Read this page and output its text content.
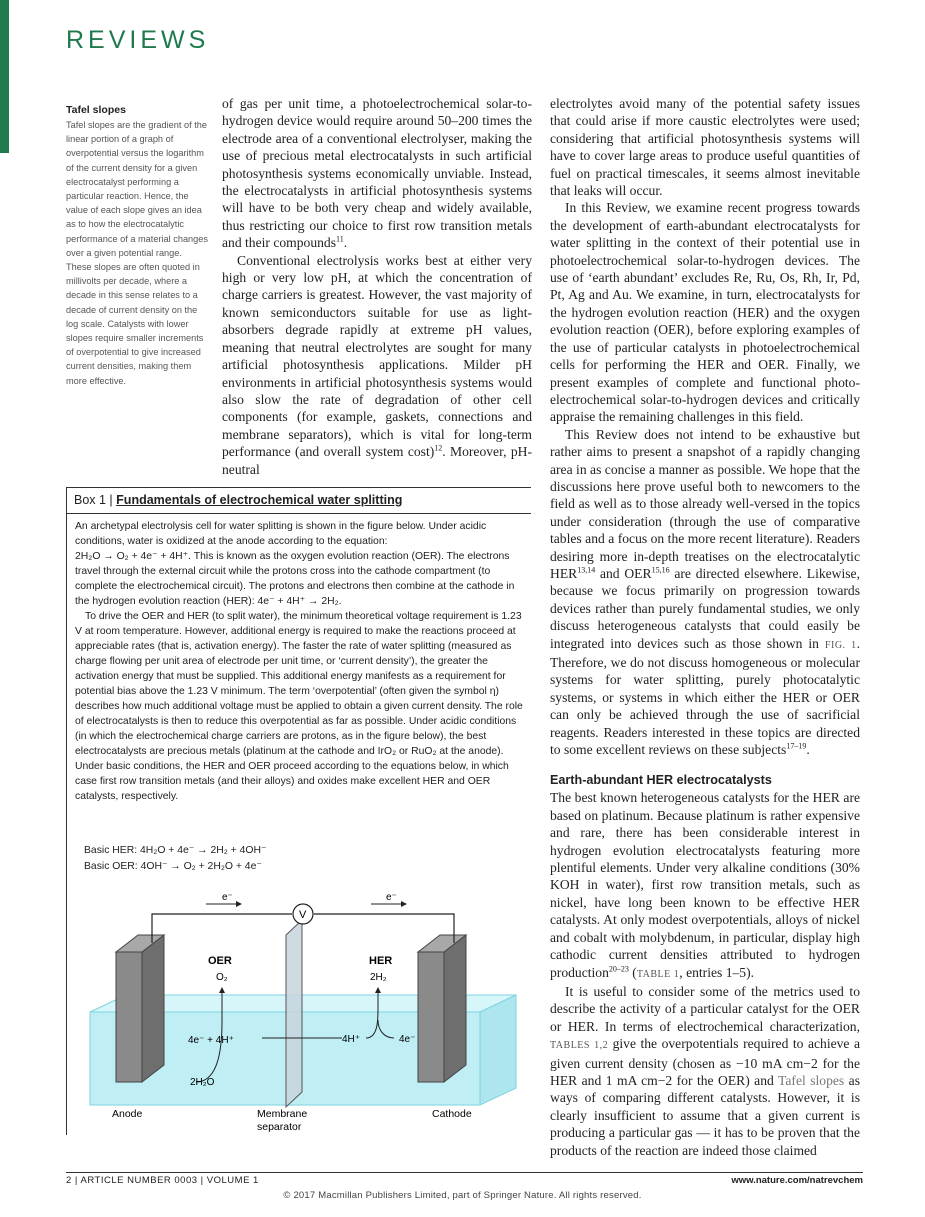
REVIEWS
Tafel slopes
Tafel slopes are the gradient of the linear portion of a graph of overpotential versus the logarithm of the current density for a given electrocatalyst performing a particular reaction. Hence, the value of each slope gives an idea as to how the electrocatalytic performance of a material changes over a given potential range. These slopes are often quoted in millivolts per decade, where a decade in this sense relates to a decade of current density on the log scale. Catalysts with lower slopes require smaller increments of overpotential to give increased current densities, making them more effective.

of gas per unit time, a photoelectrochemical solar-to-hydrogen device would require around 50–200 times the electrode area of a conventional electrolyser, making the use of precious metal electrocatalysts in such artificial photosynthesis systems economically unviable. Instead, the electrocatalysts in artificial photosynthesis systems will have to be both very cheap and widely available, thus restricting our choice to first row transition metals and their compounds$^{11}$.

Conventional electrolysis works best at either very high or very low pH, at which the concentration of charge carriers is greatest. However, the vast majority of known semiconductors suitable for use as light-absorbers degrade rapidly at extreme pH values, meaning that neutral electrolytes are sought for many artificial photosynthesis applications. Milder pH environments in artificial photosynthesis systems would also slow the rate of degradation of other cell components (for example, gaskets, connections and membrane separators), which is vital for long-term performance (and overall system cost)$^{12}$. Moreover, pH-neutral

electrolytes avoid many of the potential safety issues that could arise if more caustic electrolytes were used; considering that artificial photosynthesis systems will have to cover large areas to produce useful quantities of fuel on practical timescales, it seems almost inevitable that leaks will occur.

In this Review, we examine recent progress towards the development of earth-abundant electrocatalysts for water splitting in the context of their potential use in photoelectrochemical solar-to-hydrogen devices. The use of ‘earth abundant’ excludes Re, Ru, Os, Rh, Ir, Pd, Pt, Ag and Au. We examine, in turn, electrocatalysts for the hydrogen evolution reaction (HER) and the oxygen evolution reaction (OER), before exploring examples of the use of particular catalysts in photoelectrochemical cells for performing the HER and OER. Finally, we present examples of complete and functional photo-electrochemical solar-to-hydrogen devices and critically appraise the remaining challenges in this field.

This Review does not intend to be exhaustive but rather aims to present a snapshot of a rapidly changing area in as concise a manner as possible. We hope that the discussions here prove useful both to newcomers to the field as well as to those already well-versed in the topics under consideration (through the use of comparative tables and a focus on the more recent literature). Readers desiring more in-depth treatises on the electrocatalytic HER$^{13,14}$ and OER$^{15,16}$ are directed elsewhere. Likewise, because we focus primarily on progression towards devices rather than purely fundamental studies, we only discuss heterogeneous catalysts that could easily be integrated into devices such as those shown in FIG. 1. Therefore, we do not discuss homogeneous or molecular systems for water splitting, purely photocatalytic systems, or systems in which either the HER or OER can only be achieved through the use of sacrificial reagents. Readers interested in these topics are directed to some excellent reviews on these subjects$^{17-19}$.

Earth-abundant HER electrocatalysts

The best known heterogeneous catalysts for the HER are based on platinum. Because platinum is rather expensive and rare, there has been considerable interest in hydrogen evolution electrocatalysts featuring more plentiful elements. Under very alkaline conditions (30% KOH in water), first row transition metals, such as nickel, have long been known to be effective HER catalysts. At only modest overpotentials, alloys of nickel and cobalt with molybdenum, in particular, display high cathodic current densities attributed to hydrogen production$^{20-23}$ (TABLE 1, entries 1–5).

It is useful to consider some of the metrics used to describe the activity of a particular catalyst for the OER or HER. In terms of electrochemical characterization, TABLES 1,2 give the overpotentials required to achieve a given current density (chosen as −10 mA cm−2 for the HER and 1 mA cm−2 for the OER) and Tafel slopes as ways of comparing different catalysts. However, it is clearly insufficient to assume that a given current is producing a particular gas — it has to be proven that the products of the reaction are indeed those claimed

Box 1 | Fundamentals of electrochemical water splitting

An archetypal electrolysis cell for water splitting is shown in the figure below. Under acidic conditions, water is oxidized at the anode according to the equation:
2H₂O → O₂ + 4e⁻ + 4H⁺. This is known as the oxygen evolution reaction (OER). The electrons travel through the external circuit while the protons cross into the cathode compartment (to complete the electrochemical circuit). The protons and electrons then combine at the cathode in the hydrogen evolution reaction (HER): 4e⁻ + 4H⁺ → 2H₂.

To drive the OER and HER (to split water), the minimum theoretical voltage requirement is 1.23 V at room temperature. However, additional energy is required to make the reactions proceed at appreciable rates (that is, activation energy). The faster the rate of water splitting (measured as charge flowing per unit area of electrode per unit time, or ‘current density’), the greater the activation energy that must be supplied. This additional energy manifests as a requirement for potential bias above the 1.23 V minimum. The term ‘overpotential’ (often given the symbol η) describes how much additional voltage must be applied to obtain a given current density. The role of electrocatalysts is then to reduce this overpotential as far as possible. Under acidic conditions (in which the electrochemical charge carriers are protons, as in the figure below), the best electrocatalysts are precious metals (platinum at the cathode and IrO₂ or RuO₂ at the anode). Under basic conditions, the HER and OER proceed according to the equations below, in which case first row transition metals (and their alloys) and oxides make excellent HER and OER catalysts, respectively.

Basic HER: 4H₂O + 4e⁻ → 2H₂ + 4OH⁻
Basic OER: 4OH⁻ → O₂ + 2H₂O + 4e⁻
e⁻	e⁻
V
OER
O₂
HER
2H₂
4e⁻ + 4H⁺
2H₂O
4H⁺	4e⁻
Anode	Membrane
separator
Cathode
2 | ARTICLE NUMBER 0003 | VOLUME 1	www.nature.com/natrevchem
© 2017 Macmillan Publishers Limited, part of Springer Nature. All rights reserved.
